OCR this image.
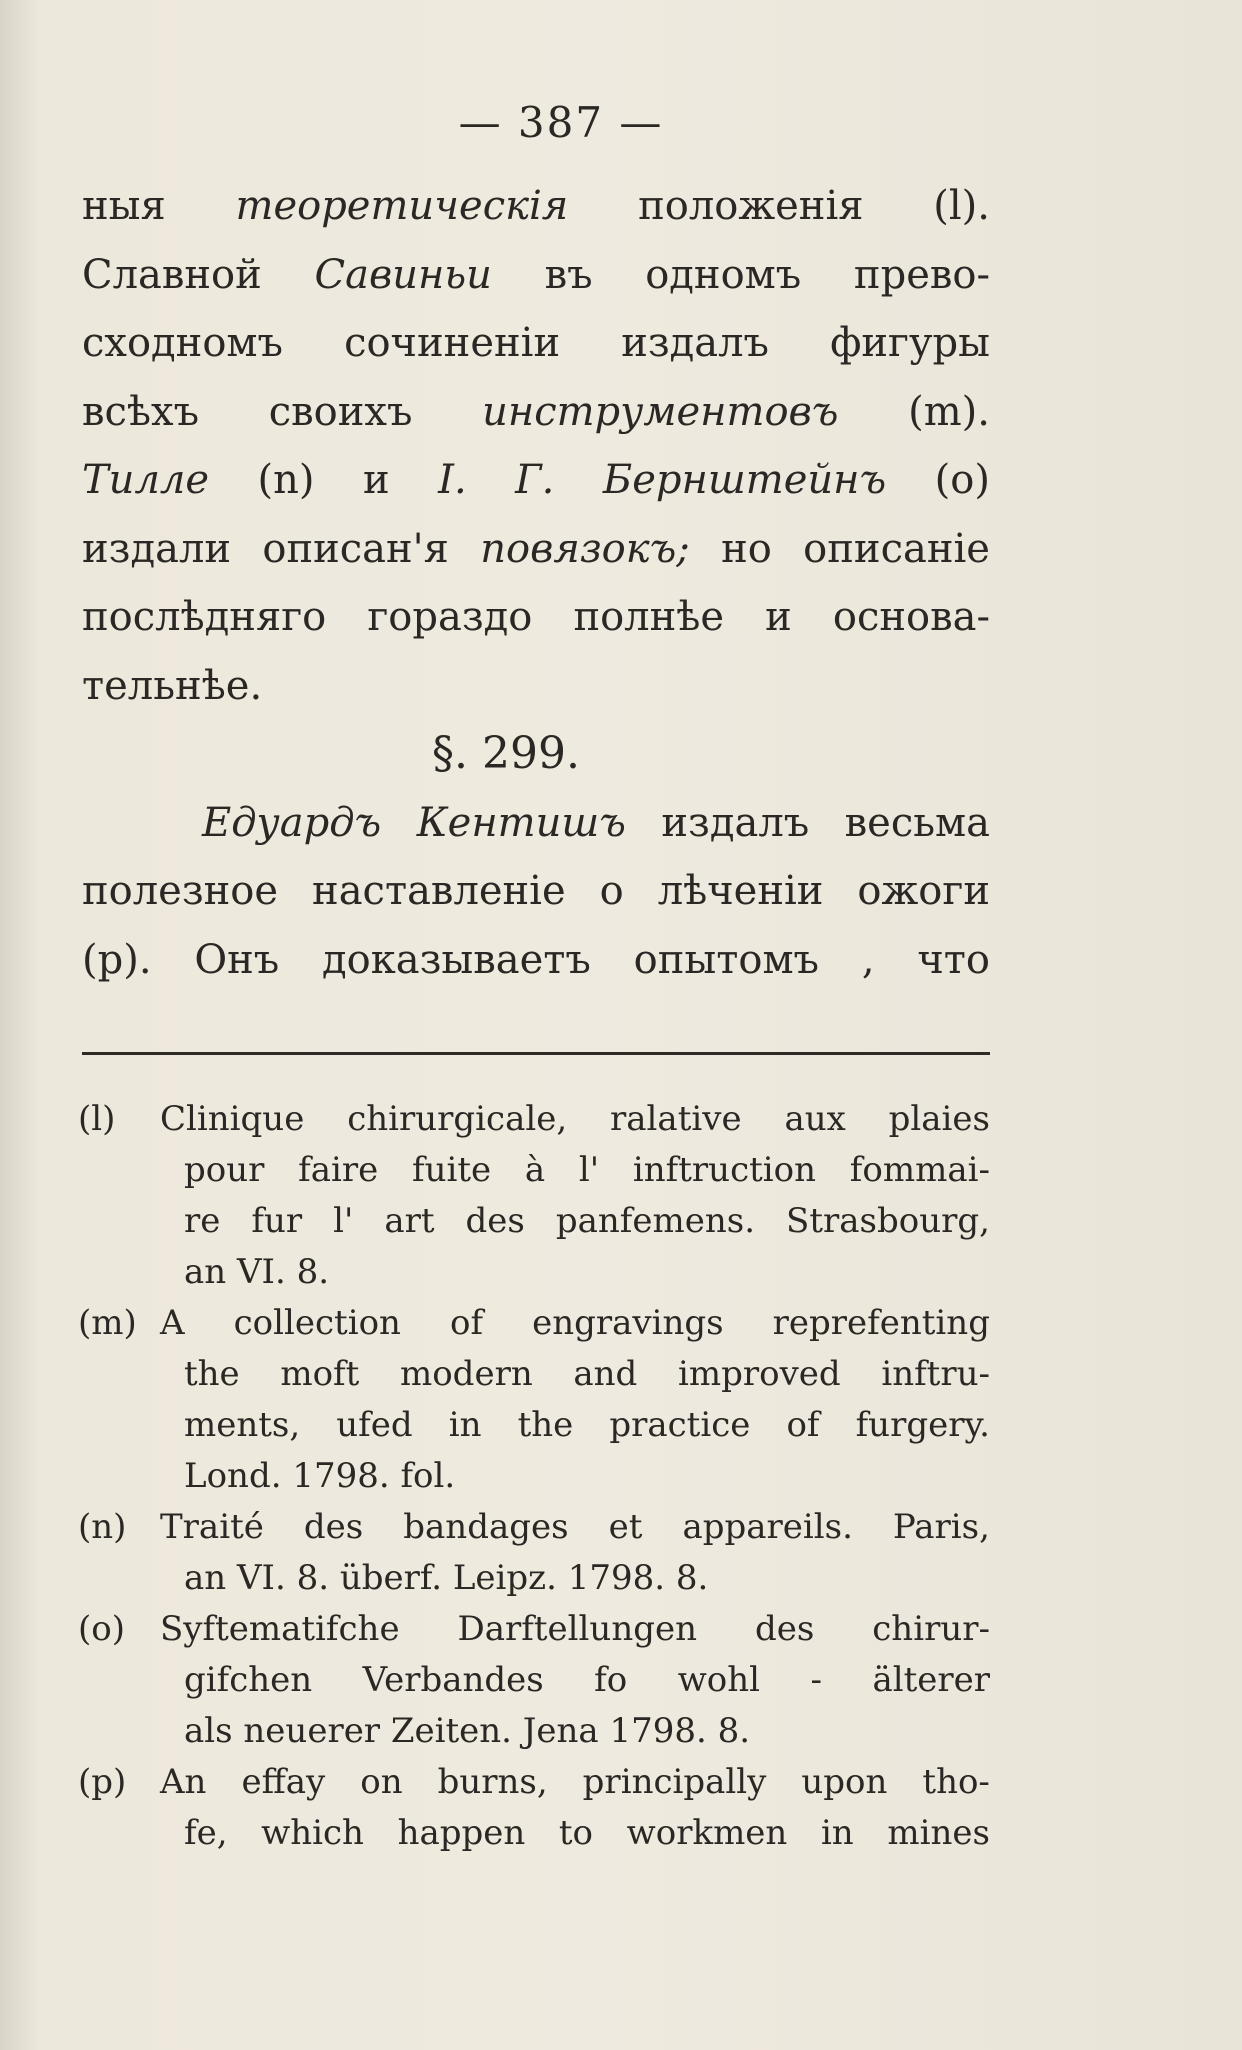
— 387 —
ныя теоретическія положенія (l).
Славной Савиньи въ одномъ прево-
сходномъ сочиненіи издалъ фигуры
всѣхъ своихъ инструментовъ (m).
Тилле (n) и І. Г. Бернштейнъ (o)
издали описан'я повязокъ; но описаніе
послѣдняго гораздо полнѣе и основа-
тельнѣе.
§. 299.
Едуардъ Кентишъ издалъ весьма
полезное наставленіе о лѣченіи ожоги
(p). Онъ доказываетъ опытомъ , что
(l) Clinique chirurgicale, ralative aux plaies
pour faire fuite à l' inftruction fommai-
re fur l' art des panfemens. Strasbourg,
an VI. 8.
(m) A collection of engravings reprefenting
the moft modern and improved inftru-
ments, ufed in the practice of furgery.
Lond. 1798. fol.
(n) Traité des bandages et appareils. Paris,
an VI. 8. überf. Leipz. 1798. 8.
(o) Syftematifche Darftellungen des chirur-
gifchen Verbandes fo wohl - älterer
als neuerer Zeiten. Jena 1798. 8.
(p) An effay on burns, principally upon tho-
fe, which happen to workmen in mines
